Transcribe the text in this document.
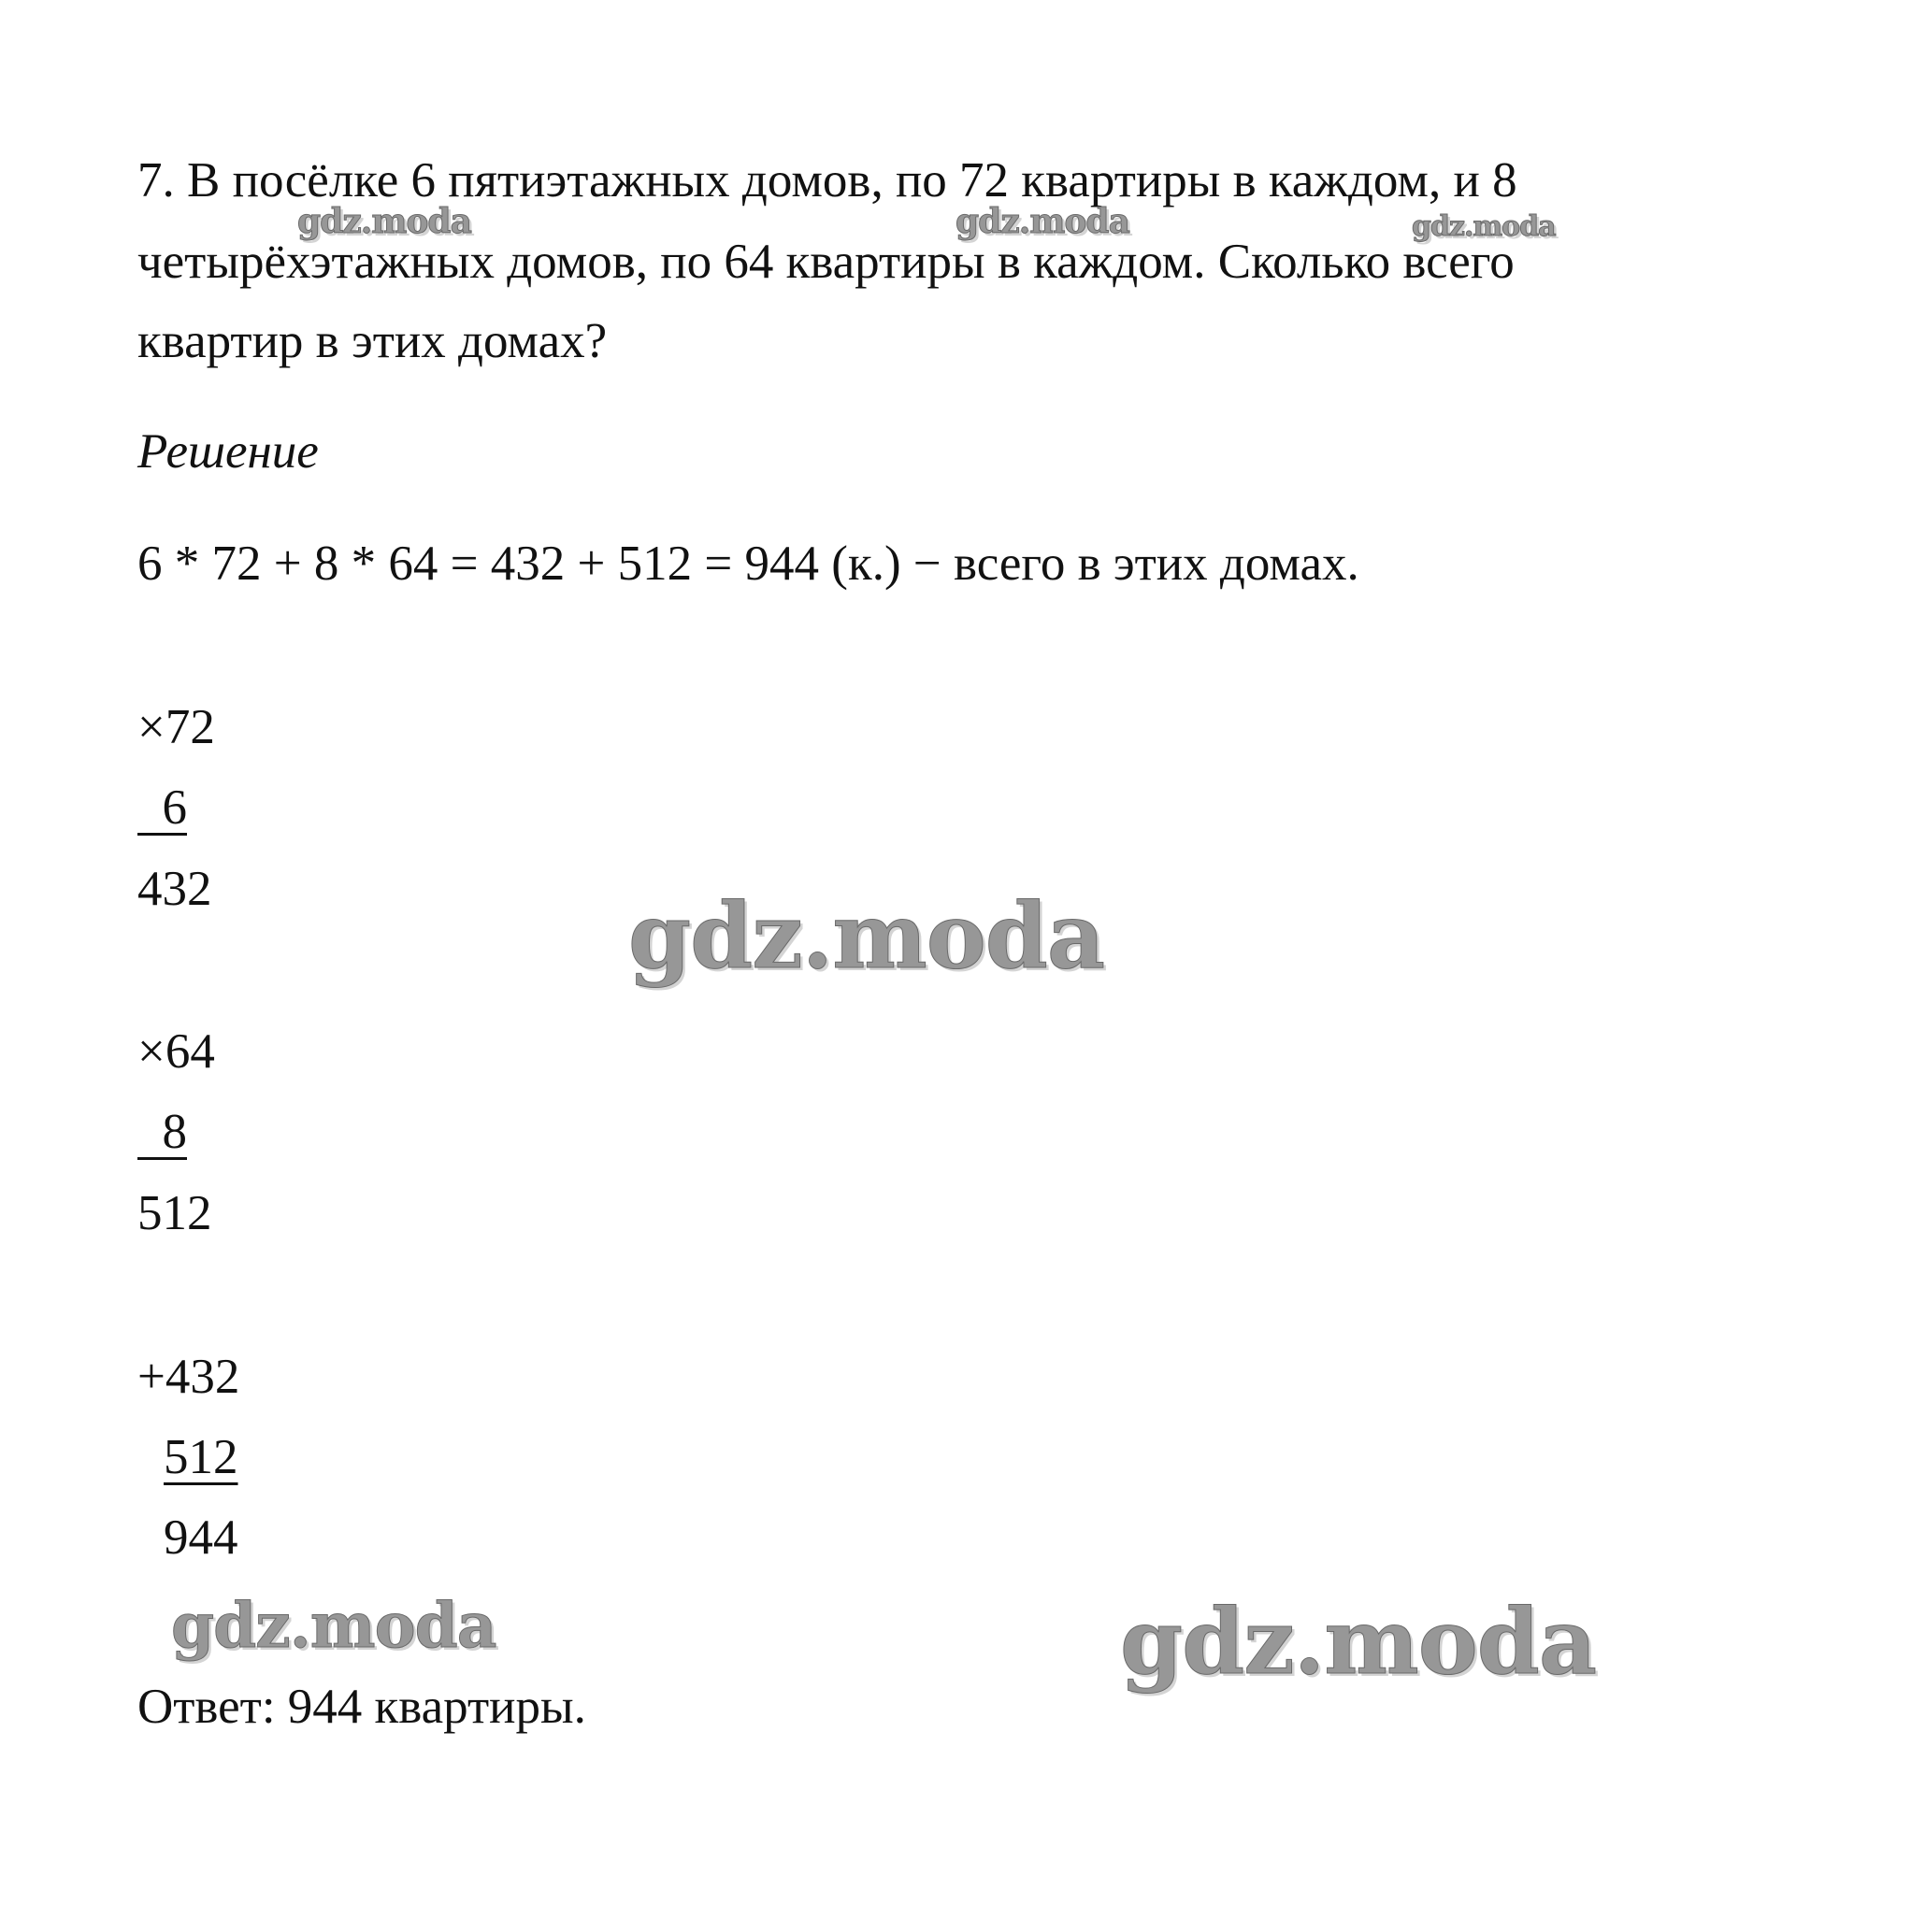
7. В посёлке 6 пятиэтажных домов, по 72 квартиры в каждом, и 8
четырёхэтажных домов, по 64 квартиры в каждом. Сколько всего
квартир в этих домах?
Решение
6 * 72 + 8 * 64 = 432 + 512 = 944 (к.) − всего в этих домах.
×72
6
432
×64
8
512
+432
512
944
Ответ: 944 квартиры.
gdz.moda	gdz.moda	gdz.moda
gdz.moda
gdz.moda	gdz.moda
